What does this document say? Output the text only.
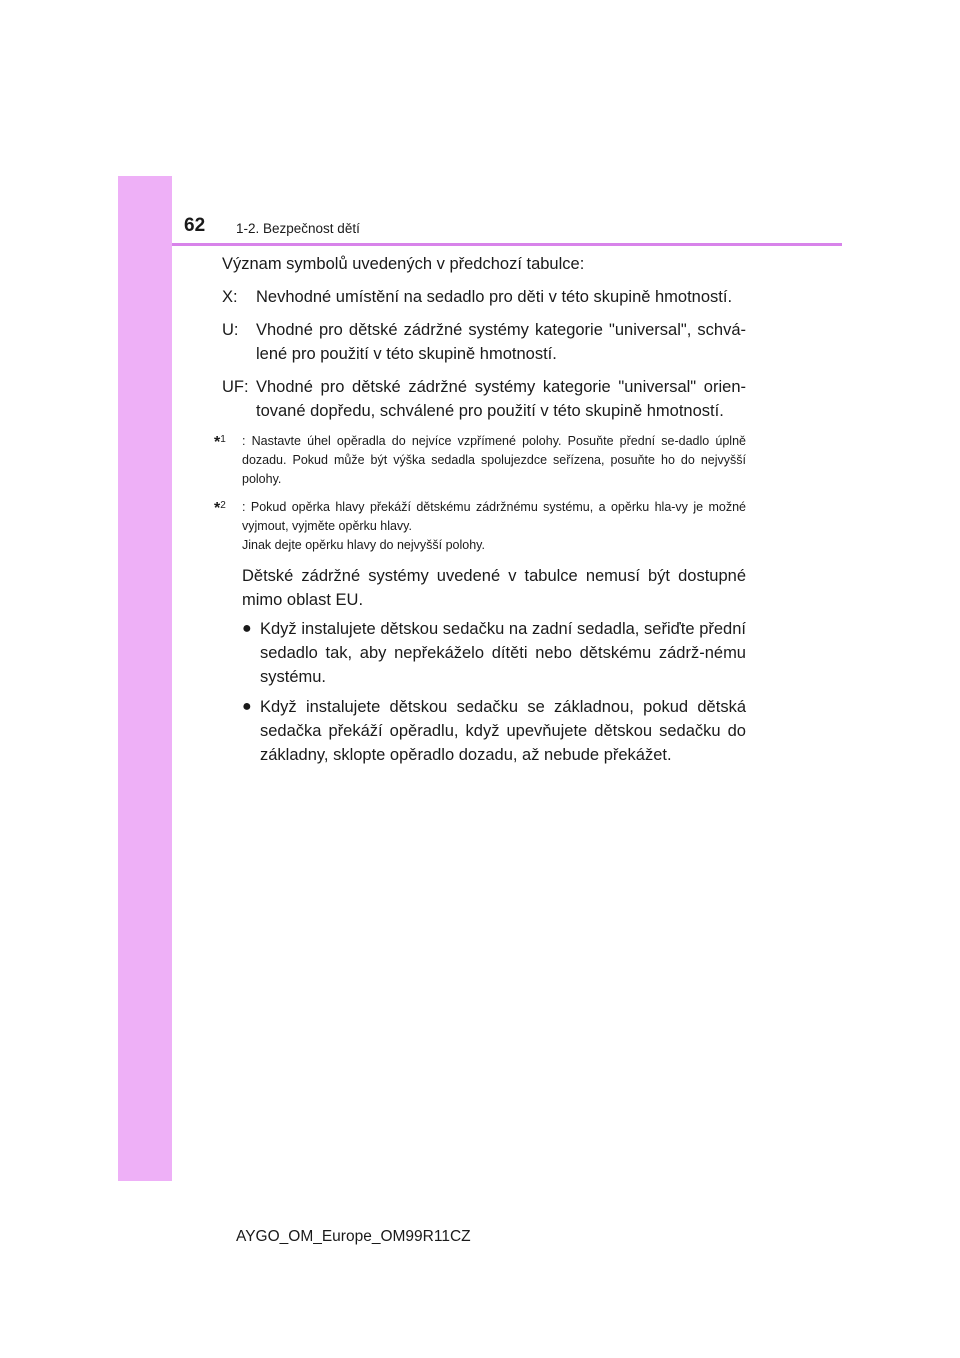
62 1-2. Bezpečnost dětí

Význam symbolů uvedených v předchozí tabulce:

X: Nevhodné umístění na sedadlo pro děti v této skupině hmotností.

U: Vhodné pro dětské zádržné systémy kategorie "universal", schvá-lené pro použití v této skupině hmotností.

UF: Vhodné pro dětské zádržné systémy kategorie "universal" orien-tované dopředu, schválené pro použití v této skupině hmotností.

*$^1$ : Nastavte úhel opěradla do nejvíce vzpřímené polohy. Posuňte přední se-dadlo úplně dozadu. Pokud může být výška sedadla spolujezdce seřízena, posuňte ho do nejvyšší polohy.
*$^2$ : Pokud opěrka hlavy překáží dětskému zádržnému systému, a opěrku hla-vy je možné vyjmout, vyjměte opěrku hlavy.
Jinak dejte opěrku hlavy do nejvyšší polohy.

Dětské zádržné systémy uvedené v tabulce nemusí být dostupné mimo oblast EU.

● Když instalujete dětskou sedačku na zadní sedadla, seřiďte přední sedadlo tak, aby nepřekáželo dítěti nebo dětskému zádrž-nému systému.

● Když instalujete dětskou sedačku se základnou, pokud dětská sedačka překáží opěradlu, když upevňujete dětskou sedačku do základny, sklopte opěradlo dozadu, až nebude překážet.

AYGO_OM_Europe_OM99R11CZ
